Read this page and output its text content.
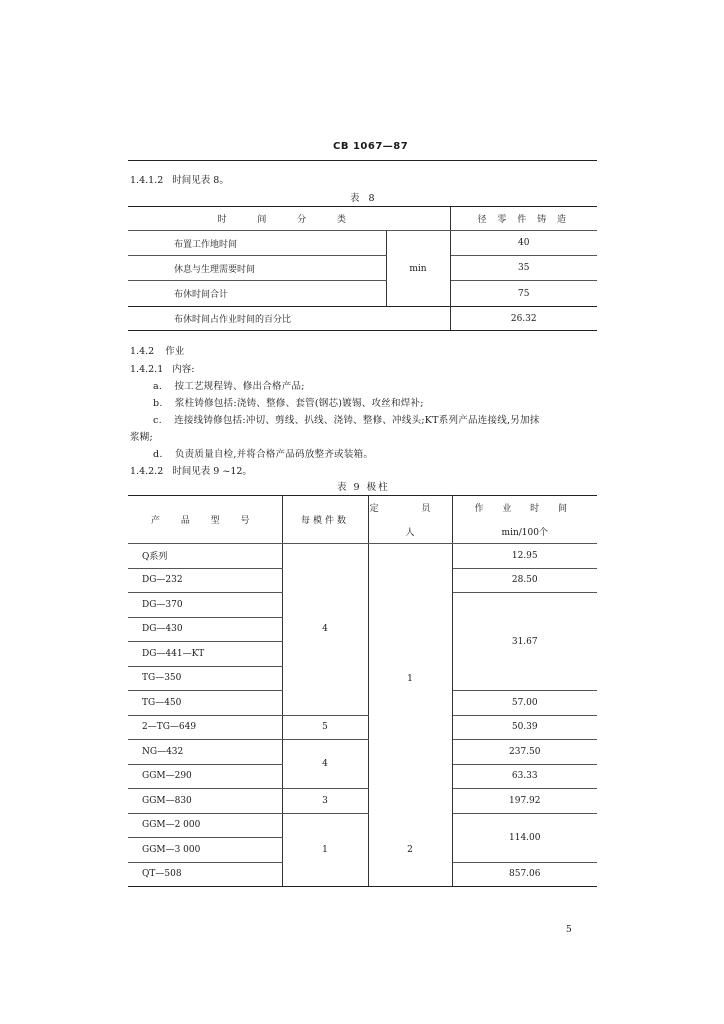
CB 1067—87
1.4.1.2 时间见表 8。
表 8
时 间 分 类		径 零 件 铸 造
布置工作地时间	min	40
休息与生理需要时间		35
布休时间合计		75
布休时间占作业时间的百分比		26.32
1.4.2 作业
1.4.2.1 内容:
a. 按工艺规程铸、修出合格产品;
b. 浆柱铸修包括:浇铸、整修、套管(钢芯)镀锡、攻丝和焊补;
c. 连接线铸修包括:冲切、剪线、扒线、浇铸、整修、冲线头;KT系列产品连接线,另加抹
浆糊;
d. 负责质量自检,并将合格产品码放整齐或装箱。
1.4.2.2 时间见表 9 ~12。
表 9 极柱
产 品 型 号	每模件数	定 员	作 业 时 间
		人	min/100个
Q系列	4	1	12.95
DG—232			28.50
DG—370			31.67
DG—430			
DG—441—KT			
TG—350			
TG—450			57.00
2—TG—649	5		50.39
NG—432	4		237.50
GGM—290			63.33
GGM—830	3		197.92
GGM—2 000	1	2	114.00
GGM—3 000			
QT—508			857.06
5
